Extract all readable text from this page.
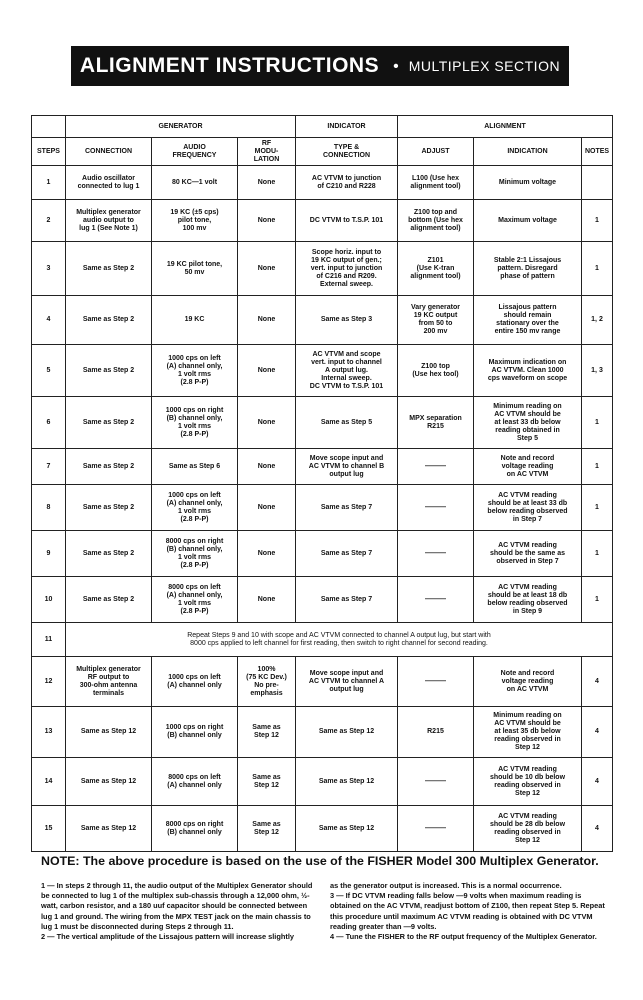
ALIGNMENT INSTRUCTIONS • MULTIPLEX SECTION
	GENERATOR			INDICATOR	ALIGNMENT		
STEPS	CONNECTION	AUDIO
FREQUENCY	RF
MODU-
LATION	TYPE &
CONNECTION	ADJUST	INDICATION	NOTES
1	Audio oscillator
connected to lug 1	80 KC—1 volt	None	AC VTVM to junction
of C210 and R228	L100 (Use hex
alignment tool)	Minimum voltage	
2	Multiplex generator
audio output to
lug 1 (See Note 1)	19 KC (±5 cps)
pilot tone,
100 mv	None	DC VTVM to T.S.P. 101	Z100 top and
bottom (Use hex
alignment tool)	Maximum voltage	1
3	Same as Step 2	19 KC pilot tone,
50 mv	None	Scope horiz. input to
19 KC output of gen.;
vert. input to junction
of C216 and R209.
External sweep.	Z101
(Use K-tran
alignment tool)	Stable 2:1 Lissajous
pattern. Disregard
phase of pattern	1
4	Same as Step 2	19 KC	None	Same as Step 3	Vary generator
19 KC output
from 50 to
200 mv	Lissajous pattern
should remain
stationary over the
entire 150 mv range	1, 2
5	Same as Step 2	1000 cps on left
(A) channel only,
1 volt rms
(2.8 P-P)	None	AC VTVM and scope
vert. input to channel
A output lug.
Internal sweep.
DC VTVM to T.S.P. 101	Z100 top
(Use hex tool)	Maximum indication on
AC VTVM. Clean 1000
cps waveform on scope	1, 3
6	Same as Step 2	1000 cps on right
(B) channel only,
1 volt rms
(2.8 P-P)	None	Same as Step 5	MPX separation
R215	Minimum reading on
AC VTVM should be
at least 33 db below
reading obtained in
Step 5	1
7	Same as Step 2	Same as Step 6	None	Move scope input and
AC VTVM to channel B
output lug	———	Note and record
voltage reading
on AC VTVM	1
8	Same as Step 2	1000 cps on left
(A) channel only,
1 volt rms
(2.8 P-P)	None	Same as Step 7	———	AC VTVM reading
should be at least 33 db
below reading observed
in Step 7	1
9	Same as Step 2	8000 cps on right
(B) channel only,
1 volt rms
(2.8 P-P)	None	Same as Step 7	———	AC VTVM reading
should be the same as
observed in Step 7	1
10	Same as Step 2	8000 cps on left
(A) channel only,
1 volt rms
(2.8 P-P)	None	Same as Step 7	———	AC VTVM reading
should be at least 18 db
below reading observed
in Step 9	1
11	Repeat Steps 9 and 10 with scope and AC VTVM connected to channel A output lug, but start with
8000 cps applied to left channel for first reading, then switch to right channel for second reading.						
12	Multiplex generator
RF output to
300-ohm antenna
terminals	1000 cps on left
(A) channel only	100%
(75 KC Dev.)
No pre-
emphasis	Move scope input and
AC VTVM to channel A
output lug	———	Note and record
voltage reading
on AC VTVM	4
13	Same as Step 12	1000 cps on right
(B) channel only	Same as
Step 12	Same as Step 12	R215	Minimum reading on
AC VTVM should be
at least 35 db below
reading observed in
Step 12	4
14	Same as Step 12	8000 cps on left
(A) channel only	Same as
Step 12	Same as Step 12	———	AC VTVM reading
should be 10 db below
reading observed in
Step 12	4
15	Same as Step 12	8000 cps on right
(B) channel only	Same as
Step 12	Same as Step 12	———	AC VTVM reading
should be 28 db below
reading observed in
Step 12	4
NOTE: The above procedure is based on the use of the FISHER Model 300 Multiplex Generator.

1 — In steps 2 through 11, the audio output of the Multiplex Generator should be connected to lug 1 of the multiplex sub-chassis through a 12,000 ohm, ½-watt, carbon resistor, and a 180 uuf capacitor should be connected between lug 1 and ground. The wiring from the MPX TEST jack on the main chassis to lug 1 must be disconnected during Steps 2 through 11.

2 — The vertical amplitude of the Lissajous pattern will increase slightly

as the generator output is increased. This is a normal occurrence.

3 — If DC VTVM reading falls below —9 volts when maximum reading is obtained on the AC VTVM, readjust bottom of Z100, then repeat Step 5. Repeat this procedure until maximum AC VTVM reading is obtained with DC VTVM reading greater than —9 volts.

4 — Tune the FISHER to the RF output frequency of the Multiplex Generator.
